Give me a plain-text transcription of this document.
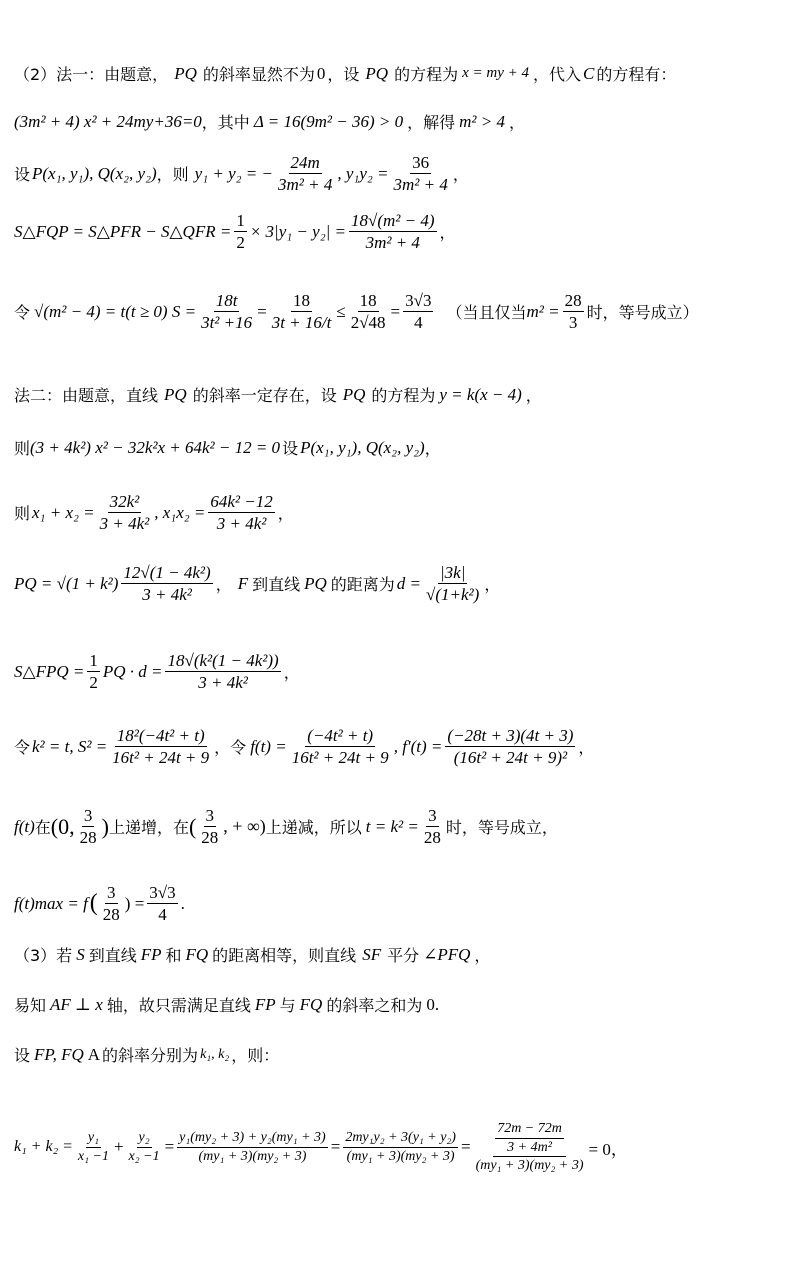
（2）法一：由题意， PQ 的斜率显然不为 0 ，设 PQ 的方程为 x = my + 4 ，代入 C 的方程有：
(3m² + 4) x² + 24my+36=0 ，其中 Δ = 16(9m² − 36) > 0 ，解得 m² > 4 ，
设 P(x₁, y₁), Q(x₂, y₂) ，则 y₁ + y₂ = − $\frac{24m}{\text{3m² + 4}}$ , $y_1y_2 = \frac{36}{\text{3m² + 4}}$ ，
S△FQP = S△PFR − S△QFR = $\frac{1}{2} \times 3|y_1 - y_2| = \frac{\text{18√(m² − 4)}}{\text{3m² + 4}}$ ，
令 √(m² − 4) = t(t ≥ 0) $S = \frac{18t}{\text{3t² +16}} = \frac{18}{3t + 16/t} \le \frac{18}{2√48} = \frac{3√3}{4}$ （当且仅当 $m^2 = \frac{28}{3}$ 时，等号成立）
法二：由题意，直线 PQ 的斜率一定存在，设 PQ 的方程为 y = k(x − 4) ，
则 (3 + 4k²) x² − 32k²x + 64k² − 12 = 0 设 P(x₁, y₁), Q(x₂, y₂) ，
则 $x_1 + x_2 = \frac{\text{32k²}}{\text{3 + 4k²}}$ , $x_1x_2 = \frac{\text{64k² −12}}{\text{3 + 4k²}}$ ，
PQ = $√(1 + k^2) \frac{\text{12√(1 − 4k²)}}{\text{3 + 4k²}}$ ， F 到直线 PQ 的距离为 $d = \frac{|3k|}{\text{√(1+k²)}}$ ，
S△FPQ = $\frac{1}{2}$ PQ · $d = \frac{\text{18√(k²(1 − 4k²))}}{\text{3 + 4k²}}$ ，
令 k² = t, $S^2 = \frac{\text{18²(−4t² + t)}}{\text{16t² + 24t + 9}}$ ，令 $f(t) = \frac{\text{(−4t² + t)}}{\text{16t² + 24t + 9}}$ , $f'(t) = \frac{(-28t + 3)(4t + 3)}{\text{(16t² + 24t + 9)²}}$ ，
f(t) 在 (0, $\frac{3}{28}$ ) 上递增，在 ( $\frac{3}{28}$ , + ∞) 上递减，所以 $t = k^2 = \frac{3}{28}$ 时，等号成立，
f(t)max = f ( $\frac{3}{28}$ ) = $\frac{3√3}{4}$ .
（3）若 S 到直线 FP 和 FQ 的距离相等，则直线 SF 平分 ∠PFQ ，
易知 AF ⊥ x 轴，故只需满足直线 FP 与 FQ 的斜率之和为 0.
设 FP, FQ A 的斜率分别为 k₁, k₂ ，则：
$k_1 + k_2 = \frac{\text{y₁}}{\text{x₁ −1}} + \frac{\text{y₂}}{\text{x₂ −1}} = \frac{\text{y₁(my₂ + 3) + y₂(my₁ + 3)}}{\text{(my₁ + 3)(my₂ + 3)}} = \frac{\text{2my₁y₂ + 3(y₁ + y₂)}}{\text{(my₁ + 3)(my₂ + 3)}} = \frac{\frac{72m - 72m}{\text{3 + 4m²}}}{\text{(my₁ + 3)(my₂ + 3)}} = 0$，
